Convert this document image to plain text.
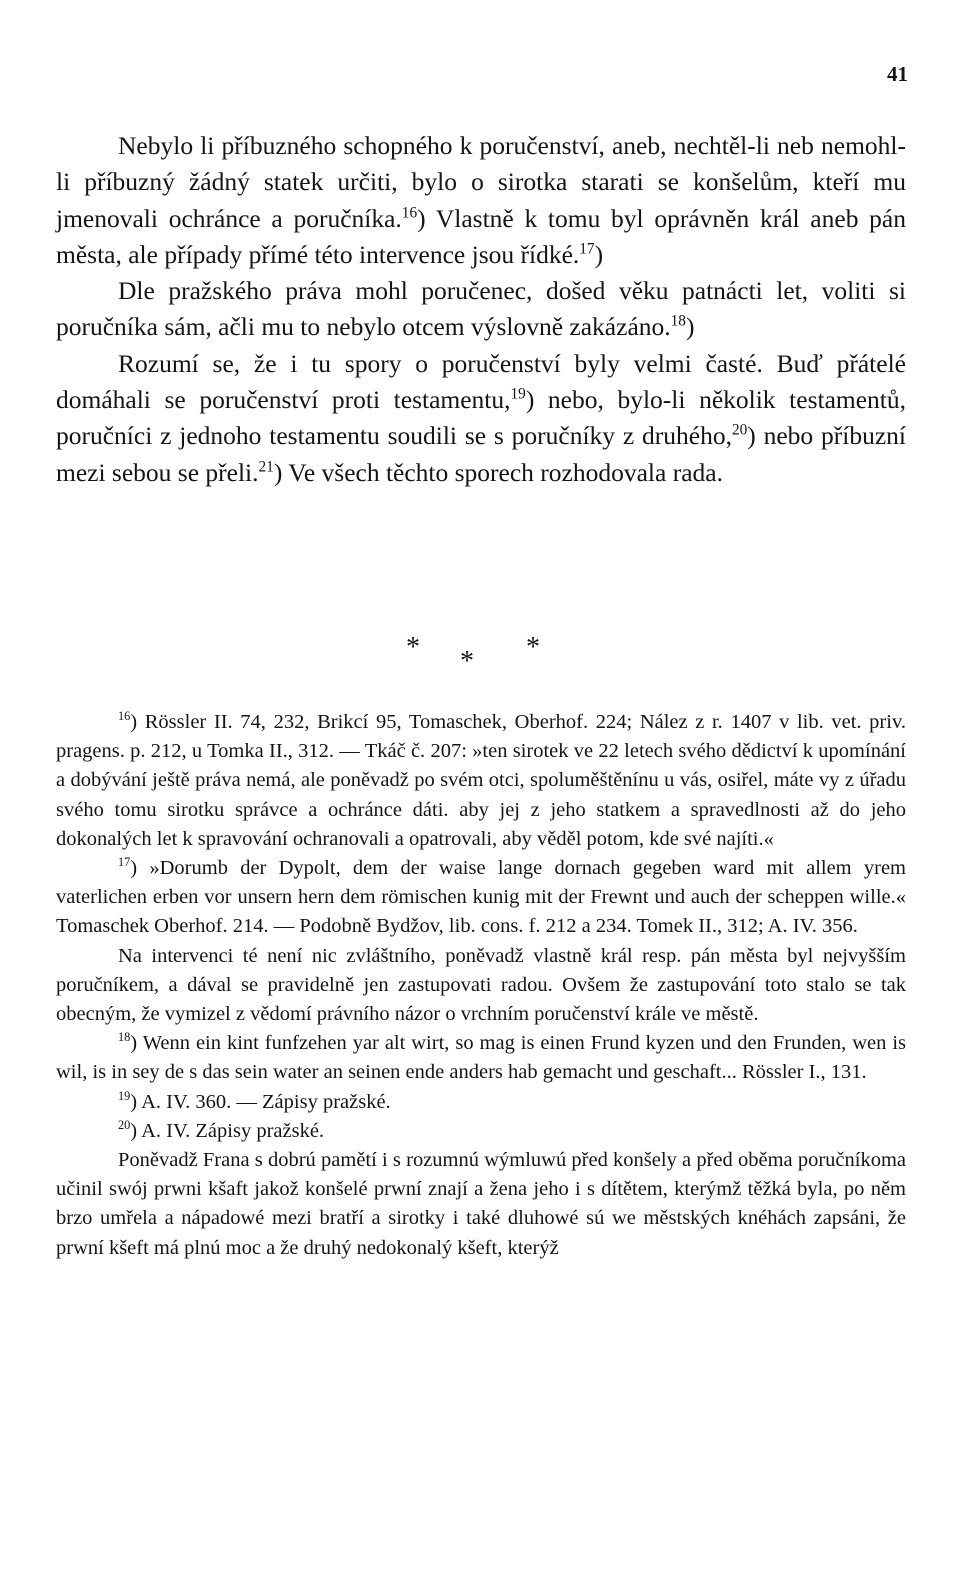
41

Nebylo li příbuzného schopného k poručenství, aneb, nechtěl-li neb nemohl-li příbuzný žádný statek určiti, bylo o sirotka starati se konšelům, kteří mu jmenovali ochránce a poručníka.$^{16}$) Vlastně k tomu byl oprávněn král aneb pán města, ale případy přímé této intervence jsou řídké.$^{17}$)

Dle pražského práva mohl poručenec, došed věku patnácti let, voliti si poručníka sám, ačli mu to nebylo otcem výslovně zakázáno.$^{18}$)

Rozumí se, že i tu spory o poručenství byly velmi časté. Buď přátelé domáhali se poručenství proti testamentu,$^{19}$) nebo, bylo-li několik testamentů, poručníci z jednoho testamentu soudili se s poručníky z druhého,$^{20}$) nebo příbuzní mezi sebou se přeli.$^{21}$) Ve všech těchto sporech rozhodovala rada.

* * *

$^{16}$) Rössler II. 74, 232, Brikcí 95, Tomaschek, Oberhof. 224; Nález z r. 1407 v lib. vet. priv. pragens. p. 212, u Tomka II., 312. — Tkáč č. 207: »ten sirotek ve 22 letech svého dědictví k upomínání a dobývání ještě práva nemá, ale poněvadž po svém otci, spoluměštěnínu u vás, osiřel, máte vy z úřadu svého tomu sirotku správce a ochránce dáti. aby jej z jeho statkem a spravedlnosti až do jeho dokonalých let k spravování ochranovali a opatrovali, aby věděl potom, kde své najíti.«

$^{17}$) »Dorumb der Dypolt, dem der waise lange dornach gegeben ward mit allem yrem vaterlichen erben vor unsern hern dem römischen kunig mit der Frewnt und auch der scheppen wille.« Tomaschek Oberhof. 214. — Podobně Bydžov, lib. cons. f. 212 a 234. Tomek II., 312; A. IV. 356.

Na intervenci té není nic zvláštního, poněvadž vlastně král resp. pán města byl nejvyšším poručníkem, a dával se pravidelně jen zastupovati radou. Ovšem že zastupování toto stalo se tak obecným, že vymizel z vědomí právního názor o vrchním poručenství krále ve městě.

$^{18}$) Wenn ein kint funfzehen yar alt wirt, so mag is einen Frund kyzen und den Frunden, wen is wil, is in sey de s das sein water an seinen ende anders hab gemacht und geschaft... Rössler I., 131.

$^{19}$) A. IV. 360. — Zápisy pražské.

$^{20}$) A. IV. Zápisy pražské.

Poněvadž Frana s dobrú pamětí i s rozumnú wýmluwú před konšely a před oběma poručníkoma učinil swój prwni kšaft jakož konšelé prwní znají a žena jeho i s dítětem, kterýmž těžká byla, po něm brzo umřela a nápadowé mezi bratří a sirotky i také dluhowé sú we městských knéhách zapsáni, že prwní kšeft má plnú moc a že druhý nedokonalý kšeft, kterýž
